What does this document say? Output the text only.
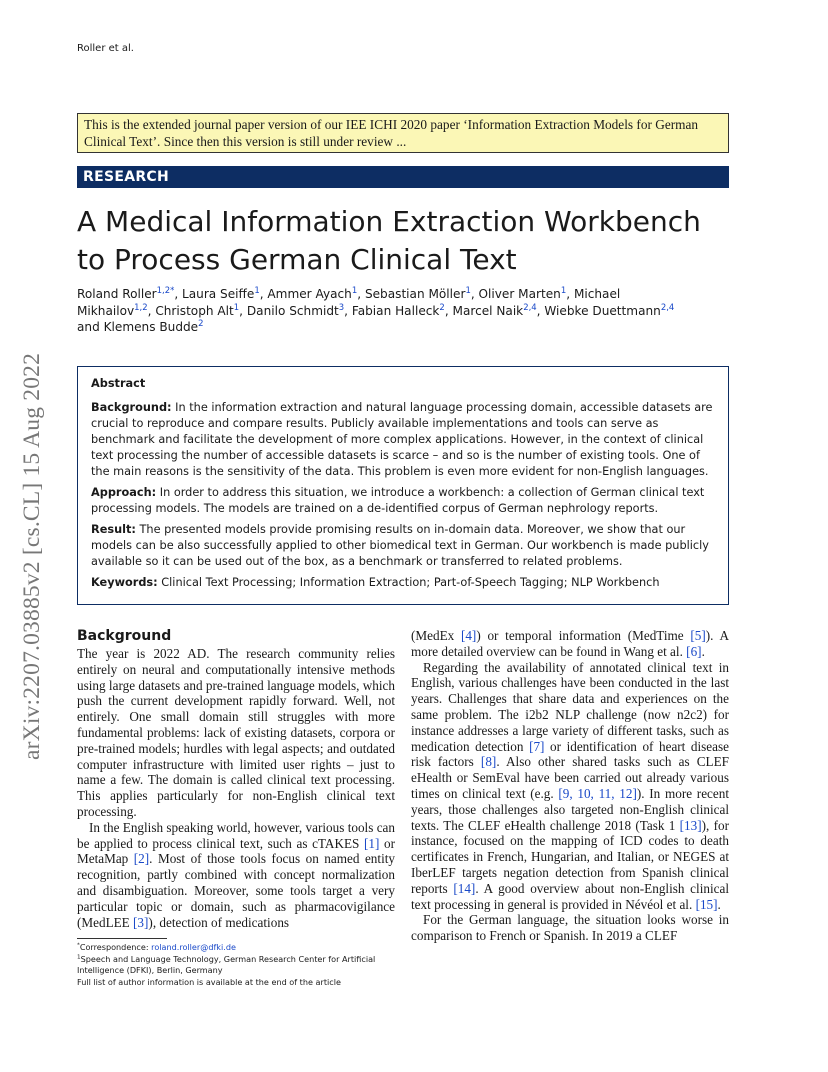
Roller et al.
This is the extended journal paper version of our IEE ICHI 2020 paper ‘Information Extraction Models for German Clinical Text’. Since then this version is still under review ...
RESEARCH
A Medical Information Extraction Workbench to Process German Clinical Text
Roland Roller$^{1,2*}$, Laura Seiffe$^1$, Ammer Ayach$^1$, Sebastian Möller$^1$, Oliver Marten$^1$, Michael Mikhailov$^{1,2}$, Christoph Alt$^1$, Danilo Schmidt$^3$, Fabian Halleck$^2$, Marcel Naik$^{2,4}$, Wiebke Duettmann$^{2,4}$ and Klemens Budde$^2$
Abstract

Background: In the information extraction and natural language processing domain, accessible datasets are crucial to reproduce and compare results. Publicly available implementations and tools can serve as benchmark and facilitate the development of more complex applications. However, in the context of clinical text processing the number of accessible datasets is scarce – and so is the number of existing tools. One of the main reasons is the sensitivity of the data. This problem is even more evident for non-English languages.

Approach: In order to address this situation, we introduce a workbench: a collection of German clinical text processing models. The models are trained on a de-identified corpus of German nephrology reports.

Result: The presented models provide promising results on in-domain data. Moreover, we show that our models can be also successfully applied to other biomedical text in German. Our workbench is made publicly available so it can be used out of the box, as a benchmark or transferred to related problems.

Keywords: Clinical Text Processing; Information Extraction; Part-of-Speech Tagging; NLP Workbench

arXiv:2207.03885v2 [cs.CL] 15 Aug 2022 Background

The year is 2022 AD. The research community relies entirely on neural and computationally intensive methods using large datasets and pre-trained language models, which push the current development rapidly forward. Well, not entirely. One small domain still struggles with more fundamental problems: lack of existing datasets, corpora or pre-trained models; hurdles with legal aspects; and outdated computer infrastructure with limited user rights – just to name a few. The domain is called clinical text processing. This applies particularly for non-English clinical text processing.

In the English speaking world, however, various tools can be applied to process clinical text, such as cTAKES [1] or MetaMap [2]. Most of those tools focus on named entity recognition, partly combined with concept normalization and disambiguation. Moreover, some tools target a very particular topic or domain, such as pharmacovigilance (MedLEE [3]), detection of medications

(MedEx [4]) or temporal information (MedTime [5]). A more detailed overview can be found in Wang et al. [6].

Regarding the availability of annotated clinical text in English, various challenges have been conducted in the last years. Challenges that share data and experiences on the same problem. The i2b2 NLP challenge (now n2c2) for instance addresses a large variety of different tasks, such as medication detection [7] or identification of heart disease risk factors [8]. Also other shared tasks such as CLEF eHealth or SemEval have been carried out already various times on clinical text (e.g. [9, 10, 11, 12]). In more recent years, those challenges also targeted non-English clinical texts. The CLEF eHealth challenge 2018 (Task 1 [13]), for instance, focused on the mapping of ICD codes to death certificates in French, Hungarian, and Italian, or NEGES at IberLEF targets negation detection from Spanish clinical reports [14]. A good overview about non-English clinical text processing in general is provided in Névéol et al. [15].

For the German language, the situation looks worse in comparison to French or Spanish. In 2019 a CLEF

*Correspondence: roland.roller@dfki.de
$^1$Speech and Language Technology, German Research Center for Artificial Intelligence (DFKI), Berlin, Germany
Full list of author information is available at the end of the article
